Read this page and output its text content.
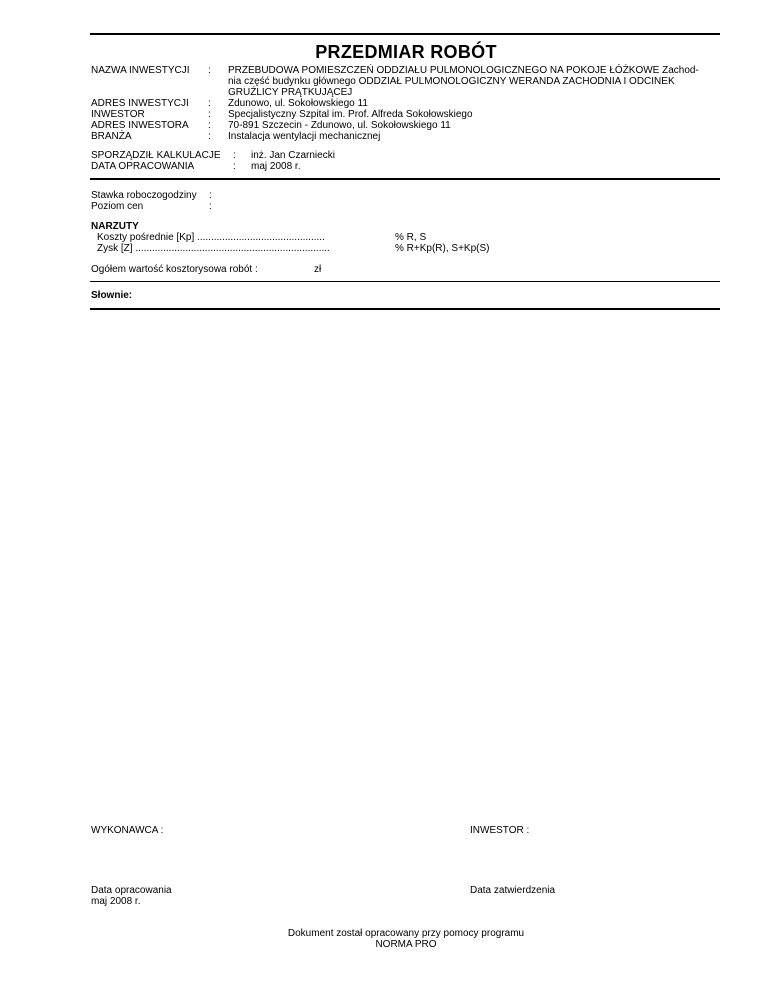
PRZEDMIAR ROBÓT
NAZWA INWESTYCJI : PRZEBUDOWA POMIESZCZEŃ ODDZIAŁU PULMONOLOGICZNEGO NA POKOJE ŁÓŻKOWE Zachod-
nia część budynku głównego ODDZIAŁ PULMONOLOGICZNY WERANDA ZACHODNIA I ODCINEK
GRUŹLICY PRĄTKUJĄCEJ
ADRES INWESTYCJI : Zdunowo, ul. Sokołowskiego 11
INWESTOR	: Specjalistyczny Szpital im. Prof. Alfreda Sokołowskiego
ADRES INWESTORA : 70-891 Szczecin - Zdunowo, ul. Sokołowskiego 11
BRANŻA	: Instalacja wentylacji mechanicznej
SPORZĄDZIŁ KALKULACJE : inż. Jan Czarniecki
DATA OPRACOWANIA	: maj 2008 r.
Stawka roboczogodziny :
Poziom cen	:
NARZUTY
Koszty pośrednie [Kp] ..............................................	% R, S
Zysk [Z] ......................................................................	% R+Kp(R), S+Kp(S)
Ogółem wartość kosztorysowa robót :	zł
Słownie:
WYKONAWCA :	INWESTOR :
Data opracowania
maj 2008 r.
Data zatwierdzenia
Dokument został opracowany przy pomocy programu
NORMA PRO
